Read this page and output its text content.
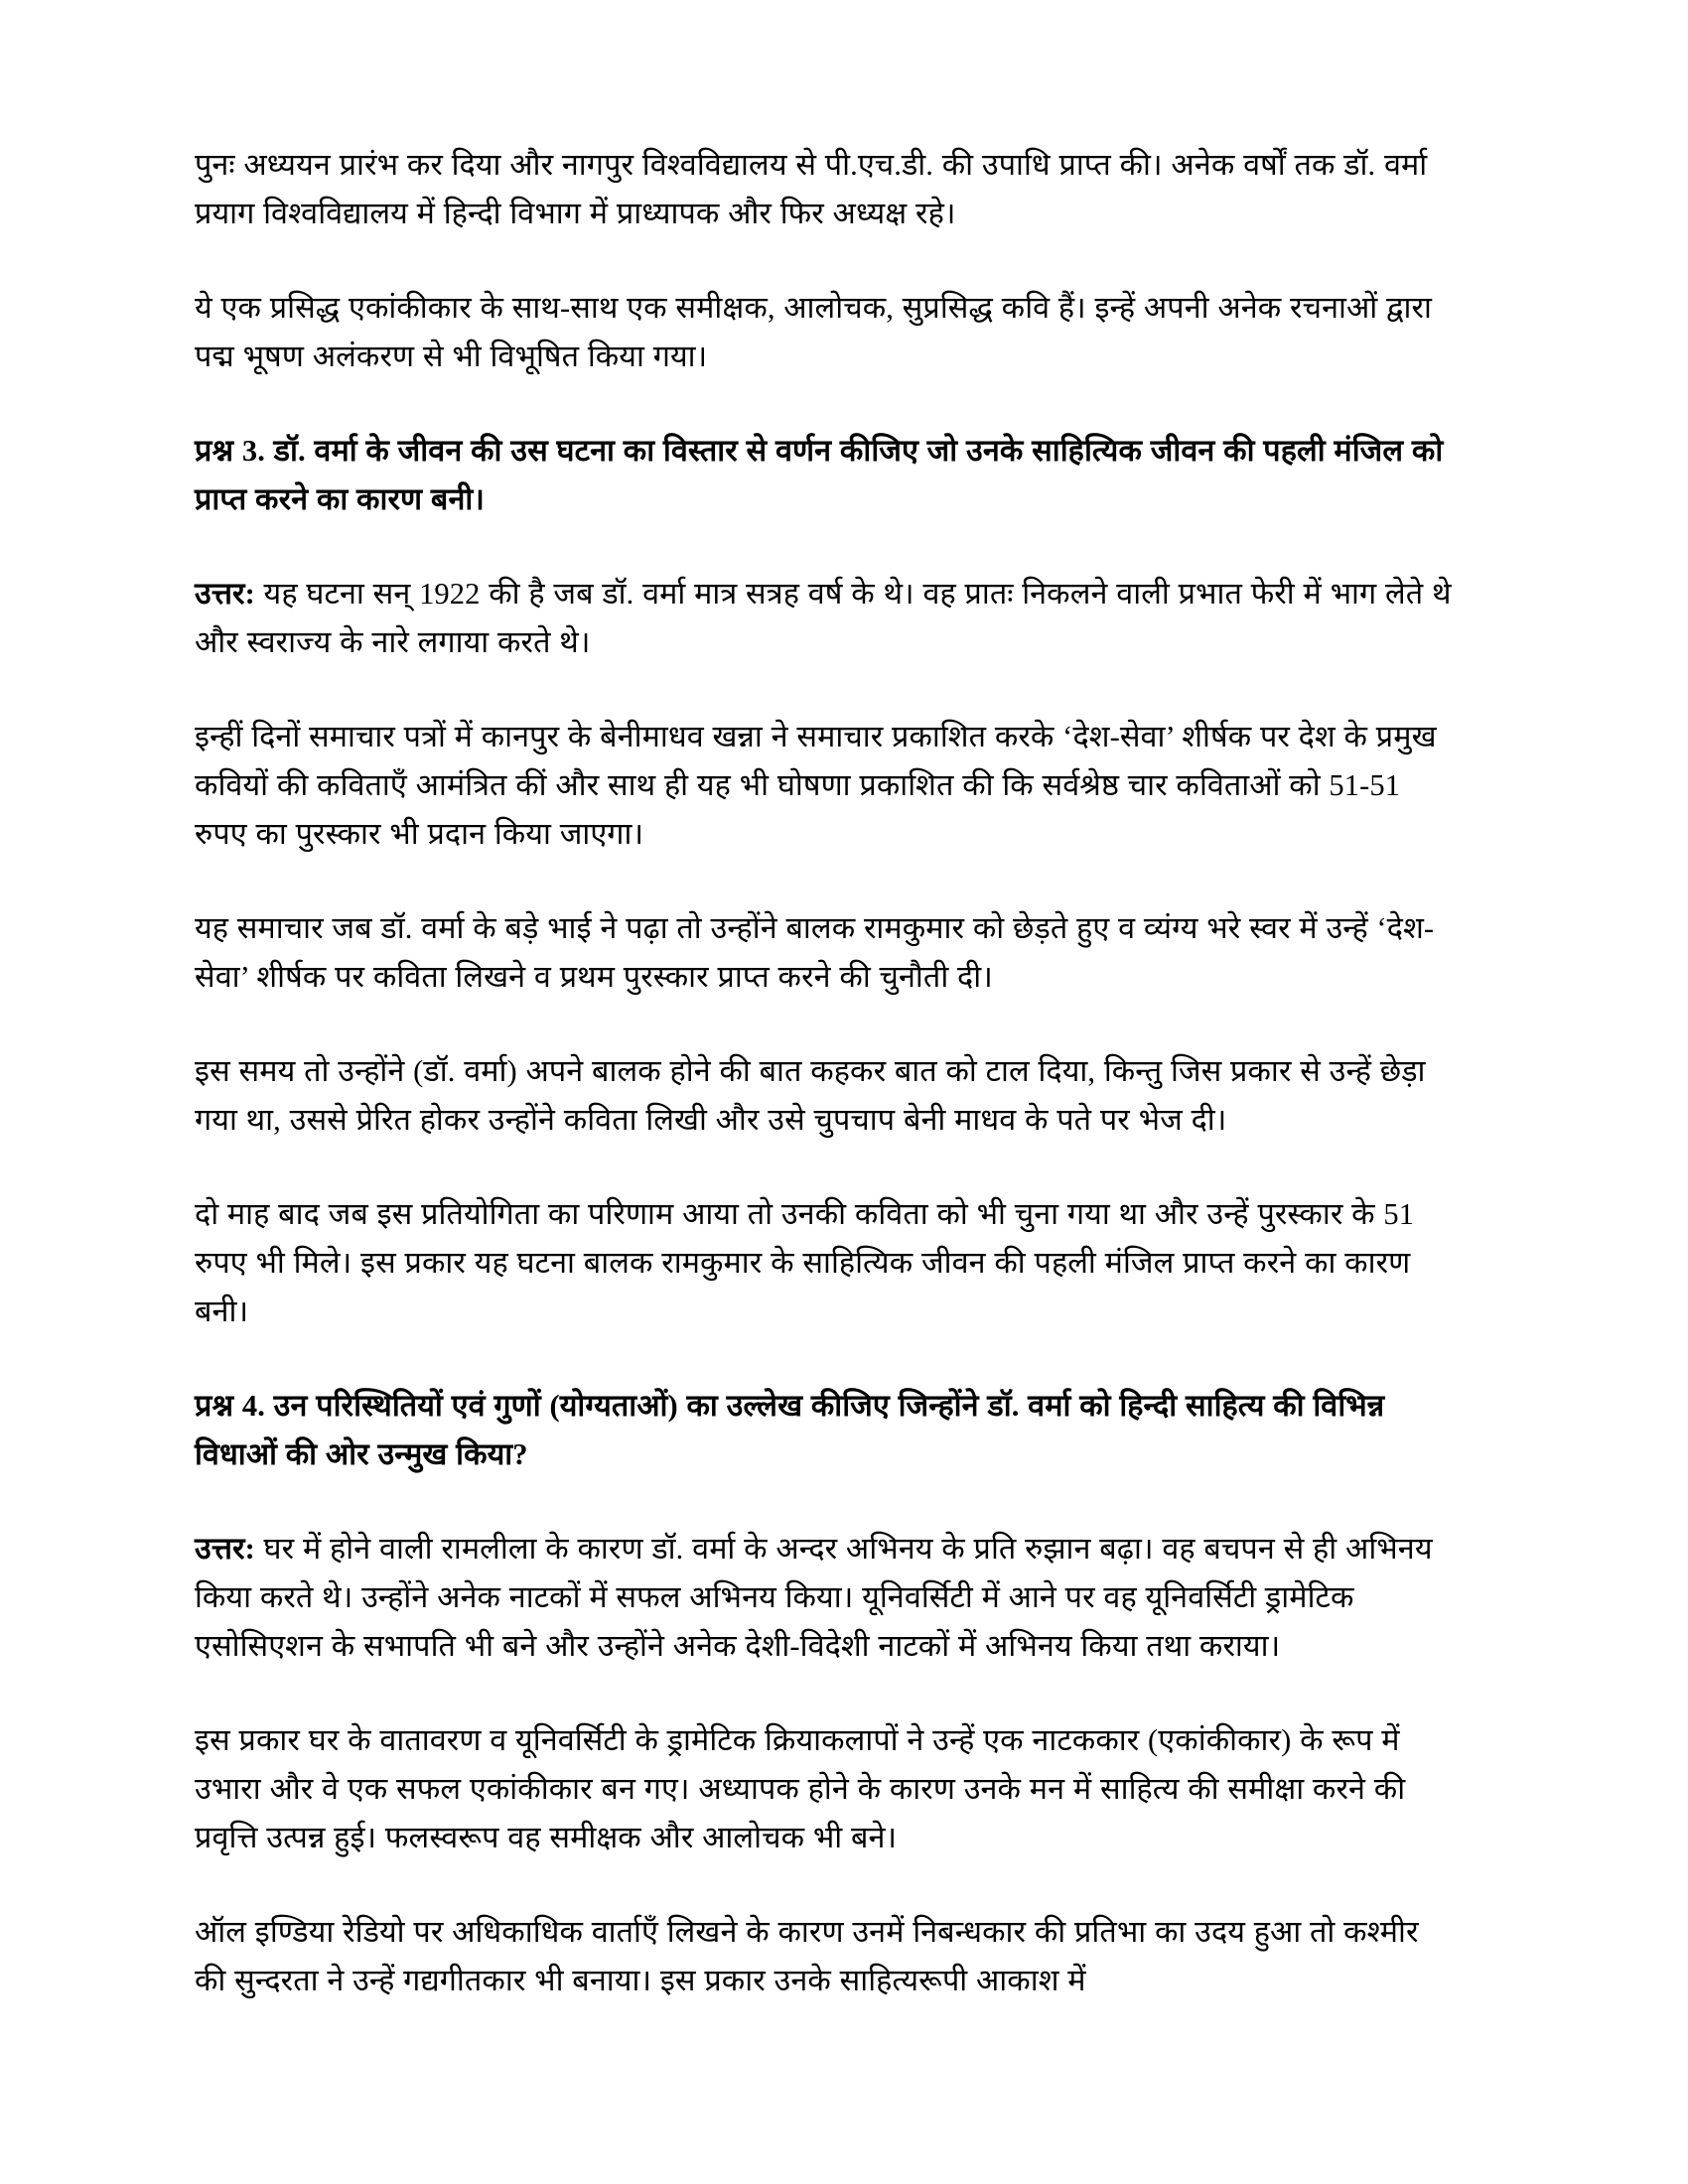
पुनः अध्ययन प्रारंभ कर दिया और नागपुर विश्वविद्यालय से पी.एच.डी. की उपाधि प्राप्त की। अनेक वर्षों तक डॉ. वर्मा प्रयाग विश्वविद्यालय में हिन्दी विभाग में प्राध्यापक और फिर अध्यक्ष रहे।

ये एक प्रसिद्ध एकांकीकार के साथ-साथ एक समीक्षक, आलोचक, सुप्रसिद्ध कवि हैं। इन्हें अपनी अनेक रचनाओं द्वारा पद्म भूषण अलंकरण से भी विभूषित किया गया।

प्रश्न 3. डॉ. वर्मा के जीवन की उस घटना का विस्तार से वर्णन कीजिए जो उनके साहित्यिक जीवन की पहली मंजिल को प्राप्त करने का कारण बनी।

उत्तर: यह घटना सन् 1922 की है जब डॉ. वर्मा मात्र सत्रह वर्ष के थे। वह प्रातः निकलने वाली प्रभात फेरी में भाग लेते थे और स्वराज्य के नारे लगाया करते थे।

इन्हीं दिनों समाचार पत्रों में कानपुर के बेनीमाधव खन्ना ने समाचार प्रकाशित करके ‘देश-सेवा’ शीर्षक पर देश के प्रमुख कवियों की कविताएँ आमंत्रित कीं और साथ ही यह भी घोषणा प्रकाशित की कि सर्वश्रेष्ठ चार कविताओं को 51-51 रुपए का पुरस्कार भी प्रदान किया जाएगा।

यह समाचार जब डॉ. वर्मा के बड़े भाई ने पढ़ा तो उन्होंने बालक रामकुमार को छेड़ते हुए व व्यंग्य भरे स्वर में उन्हें ‘देश-सेवा’ शीर्षक पर कविता लिखने व प्रथम पुरस्कार प्राप्त करने की चुनौती दी।

इस समय तो उन्होंने (डॉ. वर्मा) अपने बालक होने की बात कहकर बात को टाल दिया, किन्तु जिस प्रकार से उन्हें छेड़ा गया था, उससे प्रेरित होकर उन्होंने कविता लिखी और उसे चुपचाप बेनी माधव के पते पर भेज दी।

दो माह बाद जब इस प्रतियोगिता का परिणाम आया तो उनकी कविता को भी चुना गया था और उन्हें पुरस्कार के 51 रुपए भी मिले। इस प्रकार यह घटना बालक रामकुमार के साहित्यिक जीवन की पहली मंजिल प्राप्त करने का कारण बनी।

प्रश्न 4. उन परिस्थितियों एवं गुणों (योग्यताओं) का उल्लेख कीजिए जिन्होंने डॉ. वर्मा को हिन्दी साहित्य की विभिन्न विधाओं की ओर उन्मुख किया?

उत्तर: घर में होने वाली रामलीला के कारण डॉ. वर्मा के अन्दर अभिनय के प्रति रुझान बढ़ा। वह बचपन से ही अभिनय किया करते थे। उन्होंने अनेक नाटकों में सफल अभिनय किया। यूनिवर्सिटी में आने पर वह यूनिवर्सिटी ड्रामेटिक एसोसिएशन के सभापति भी बने और उन्होंने अनेक देशी-विदेशी नाटकों में अभिनय किया तथा कराया।

इस प्रकार घर के वातावरण व यूनिवर्सिटी के ड्रामेटिक क्रियाकलापों ने उन्हें एक नाटककार (एकांकीकार) के रूप में उभारा और वे एक सफल एकांकीकार बन गए। अध्यापक होने के कारण उनके मन में साहित्य की समीक्षा करने की प्रवृत्ति उत्पन्न हुई। फलस्वरूप वह समीक्षक और आलोचक भी बने।

ऑल इण्डिया रेडियो पर अधिकाधिक वार्ताएँ लिखने के कारण उनमें निबन्धकार की प्रतिभा का उदय हुआ तो कश्मीर की सुन्दरता ने उन्हें गद्यगीतकार भी बनाया। इस प्रकार उनके साहित्यरूपी आकाश में
